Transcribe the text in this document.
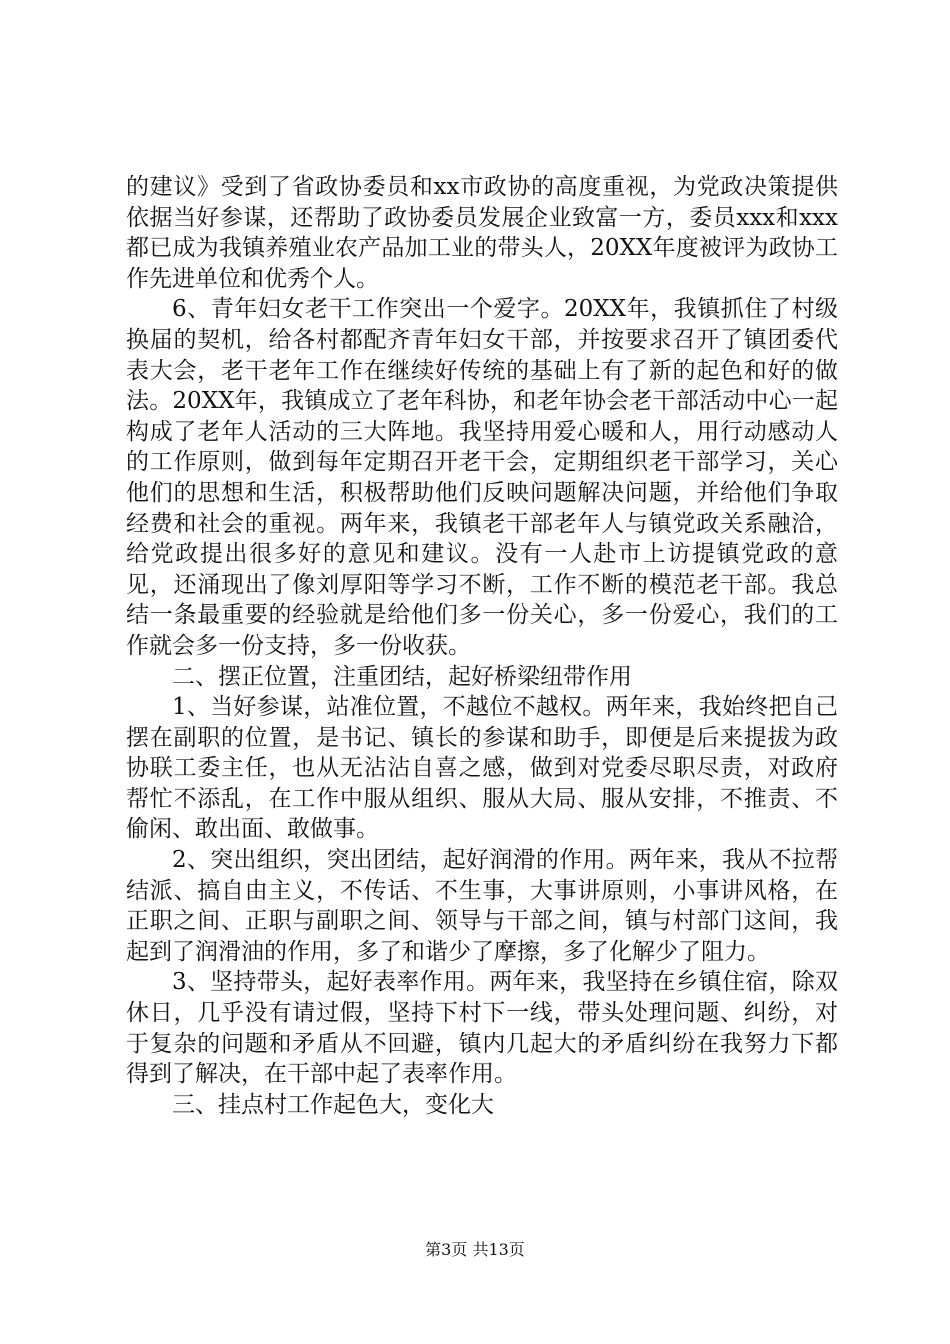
的建议》受到了省政协委员和xx市政协的高度重视，为党政决策提供依据当好参谋，还帮助了政协委员发展企业致富一方，委员xxx和xxx都已成为我镇养殖业农产品加工业的带头人，20XX年度被评为政协工作先进单位和优秀个人。

6、青年妇女老干工作突出一个爱字。20XX年，我镇抓住了村级换届的契机，给各村都配齐青年妇女干部，并按要求召开了镇团委代表大会，老干老年工作在继续好传统的基础上有了新的起色和好的做法。20XX年，我镇成立了老年科协，和老年协会老干部活动中心一起构成了老年人活动的三大阵地。我坚持用爱心暖和人，用行动感动人的工作原则，做到每年定期召开老干会，定期组织老干部学习，关心他们的思想和生活，积极帮助他们反映问题解决问题，并给他们争取经费和社会的重视。两年来，我镇老干部老年人与镇党政关系融洽，给党政提出很多好的意见和建议。没有一人赴市上访提镇党政的意见，还涌现出了像刘厚阳等学习不断，工作不断的模范老干部。我总结一条最重要的经验就是给他们多一份关心，多一份爱心，我们的工作就会多一份支持，多一份收获。

二、摆正位置，注重团结，起好桥梁纽带作用

1、当好参谋，站准位置，不越位不越权。两年来，我始终把自己摆在副职的位置，是书记、镇长的参谋和助手，即便是后来提拔为政协联工委主任，也从无沾沾自喜之感，做到对党委尽职尽责，对政府帮忙不添乱，在工作中服从组织、服从大局、服从安排，不推责、不偷闲、敢出面、敢做事。

2、突出组织，突出团结，起好润滑的作用。两年来，我从不拉帮结派、搞自由主义，不传话、不生事，大事讲原则，小事讲风格，在正职之间、正职与副职之间、领导与干部之间，镇与村部门这间，我起到了润滑油的作用，多了和谐少了摩擦，多了化解少了阻力。

3、坚持带头，起好表率作用。两年来，我坚持在乡镇住宿，除双休日，几乎没有请过假，坚持下村下一线，带头处理问题、纠纷，对于复杂的问题和矛盾从不回避，镇内几起大的矛盾纠纷在我努力下都得到了解决，在干部中起了表率作用。

三、挂点村工作起色大，变化大

第3页 共13页
